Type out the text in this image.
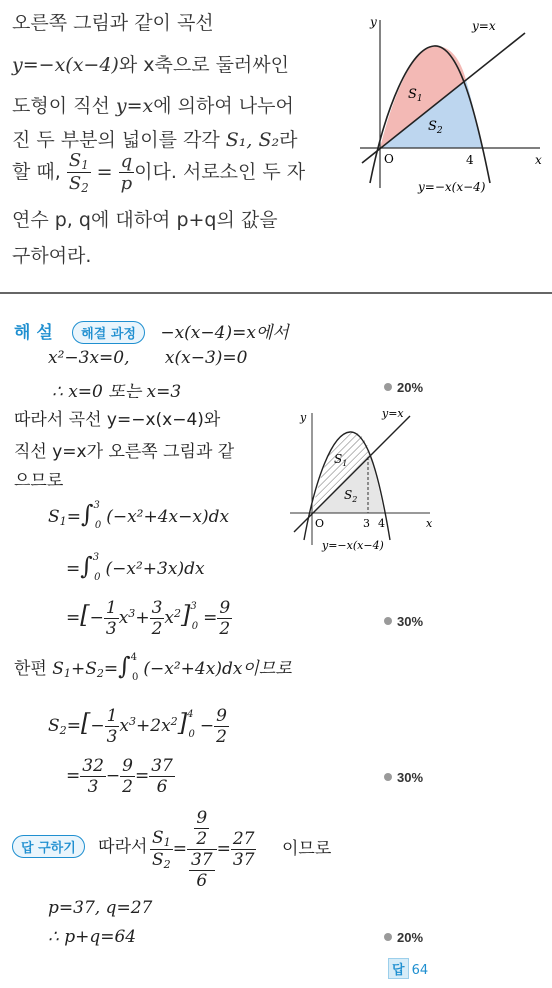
오른쪽 그림과 같이 곡선
y=−x(x−4)와 x축으로 둘러싸인
도형이 직선 y=x에 의하여 나누어
진 두 부분의 넓이를 각각 S₁, S₂라
할 때, $\frac{S_1}{S_2} = \frac{q}{p}$ 이다. 서로소인 두 자
연수 p, q에 대하여 p+q의 값을
구하여라.
y
x
y=x
$S_1$
$S_2$
O	4
y=−x(x−4)
해 설 해결 과정 −x(x−4)=x에서
x²−3x=0, x(x−3)=0
∴ x=0 또는 x=3	20%
따라서 곡선 y=−x(x−4)와
직선 y=x가 오른쪽 그림과 같
으므로
$S_1=\int^3_0$ (−x²+4x−x)dx
=∫$^3_0$ (−x²+3x)dx
=[− $\frac{1}{3} x^3+ \frac{3}{2} x^2]^3_0 = \frac{9}{2}$	30%
y
x
y=x
$S_1$
$S_2$
O	3 4
y=−x(x−4)
한편 $S_1+S_2=\int^4_0$ (−x²+4x)dx이므로
$S_2=[- \frac{1}{3} x^3+2x^2]^4_0 - \frac{9}{2}$
= $\frac{32}{3} - \frac{9}{2} = \frac{37}{6}$	30%
답 구하기 따라서 $\frac{S_1}{S_2} = \frac{\frac{9}{2}}{\frac{37}{6}} = \frac{27}{37}$ 이므로
p=37, q=27
∴ p+q=64	20%
답 64
